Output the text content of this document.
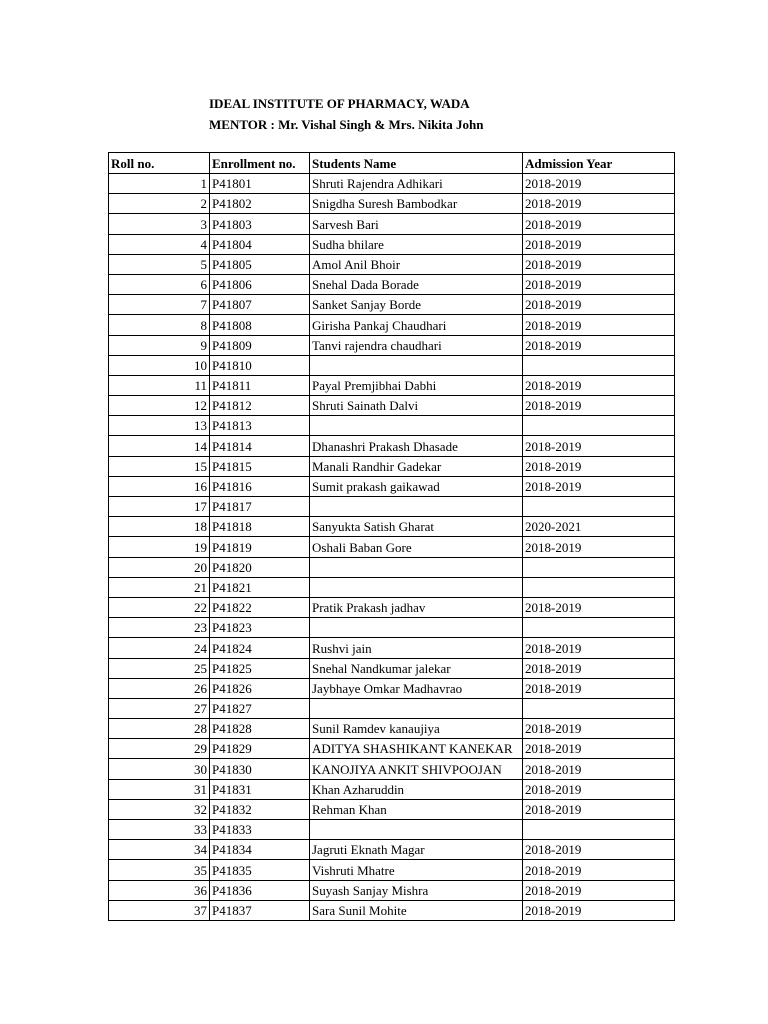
IDEAL INSTITUTE OF PHARMACY, WADA
MENTOR : Mr. Vishal Singh & Mrs. Nikita John
Roll no.	Enrollment no.	Students Name	Admission Year
1	P41801	Shruti Rajendra Adhikari	2018-2019
2	P41802	Snigdha Suresh Bambodkar	2018-2019
3	P41803	Sarvesh Bari	2018-2019
4	P41804	Sudha bhilare	2018-2019
5	P41805	Amol Anil Bhoir	2018-2019
6	P41806	Snehal Dada Borade	2018-2019
7	P41807	Sanket Sanjay Borde	2018-2019
8	P41808	Girisha Pankaj Chaudhari	2018-2019
9	P41809	Tanvi rajendra chaudhari	2018-2019
10	P41810		
11	P41811	Payal Premjibhai Dabhi	2018-2019
12	P41812	Shruti Sainath Dalvi	2018-2019
13	P41813		
14	P41814	Dhanashri Prakash Dhasade	2018-2019
15	P41815	Manali Randhir Gadekar	2018-2019
16	P41816	Sumit prakash gaikawad	2018-2019
17	P41817		
18	P41818	Sanyukta Satish Gharat	2020-2021
19	P41819	Oshali Baban Gore	2018-2019
20	P41820		
21	P41821		
22	P41822	Pratik Prakash jadhav	2018-2019
23	P41823		
24	P41824	Rushvi jain	2018-2019
25	P41825	Snehal Nandkumar jalekar	2018-2019
26	P41826	Jaybhaye Omkar Madhavrao	2018-2019
27	P41827		
28	P41828	Sunil Ramdev kanaujiya	2018-2019
29	P41829	ADITYA SHASHIKANT KANEKAR	2018-2019
30	P41830	KANOJIYA ANKIT SHIVPOOJAN	2018-2019
31	P41831	Khan Azharuddin	2018-2019
32	P41832	Rehman Khan	2018-2019
33	P41833		
34	P41834	Jagruti Eknath Magar	2018-2019
35	P41835	Vishruti Mhatre	2018-2019
36	P41836	Suyash Sanjay Mishra	2018-2019
37	P41837	Sara Sunil Mohite	2018-2019
